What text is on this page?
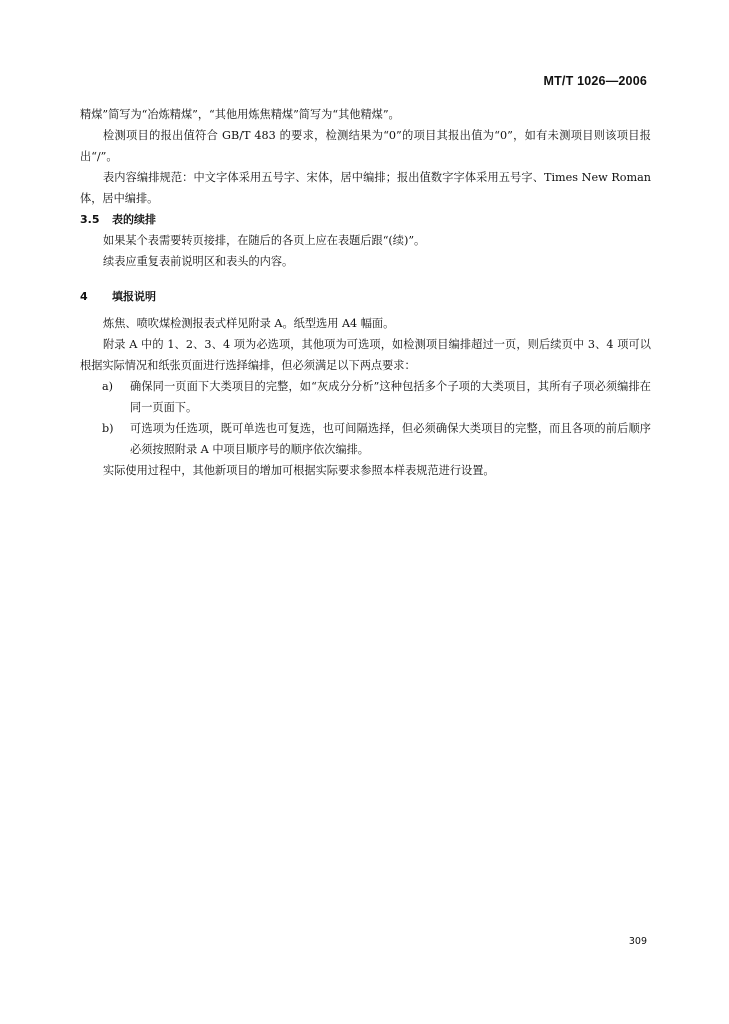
MT/T 1026—2006

精煤”简写为“冶炼精煤”，“其他用炼焦精煤”简写为“其他精煤”。

检测项目的报出值符合 GB/T 483 的要求，检测结果为“0”的项目其报出值为“0”，如有未测项目则该项目报出“/”。

表内容编排规范：中文字体采用五号字、宋体，居中编排；报出值数字字体采用五号字、Times New Roman 体，居中编排。

3.5 表的续排

如果某个表需要转页接排，在随后的各页上应在表题后跟“(续)”。

续表应重复表前说明区和表头的内容。

4 填报说明

炼焦、喷吹煤检测报表式样见附录 A。纸型选用 A4 幅面。

附录 A 中的 1、2、3、4 项为必选项，其他项为可选项，如检测项目编排超过一页，则后续页中 3、4 项可以根据实际情况和纸张页面进行选择编排，但必须满足以下两点要求：

a)	确保同一页面下大类项目的完整，如“灰成分分析”这种包括多个子项的大类项目，其所有子项必须编排在同一页面下。
b)	可选项为任选项，既可单选也可复选，也可间隔选择，但必须确保大类项目的完整，而且各项的前后顺序必须按照附录 A 中项目顺序号的顺序依次编排。

实际使用过程中，其他新项目的增加可根据实际要求参照本样表规范进行设置。

309
